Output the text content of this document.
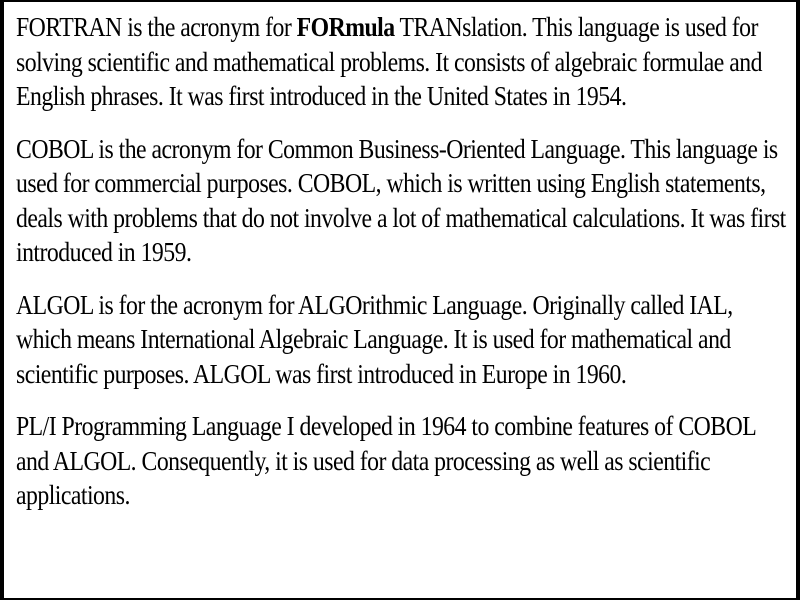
FORTRAN is the acronym for FORmula TRANslation. This language is used for solving scientific and mathematical problems. It consists of algebraic formulae and English phrases. It was first introduced in the United States in 1954.

COBOL is the acronym for Common Business-Oriented Language. This language is used for commercial purposes. COBOL, which is written using English statements, deals with problems that do not involve a lot of mathematical calculations. It was first introduced in 1959.

ALGOL is for the acronym for ALGOrithmic Language. Originally called IAL, which means International Algebraic Language. It is used for mathematical and scientific purposes. ALGOL was first introduced in Europe in 1960.

PL/I Programming Language I developed in 1964 to combine features of COBOL and ALGOL. Consequently, it is used for data processing as well as scientific applications.
